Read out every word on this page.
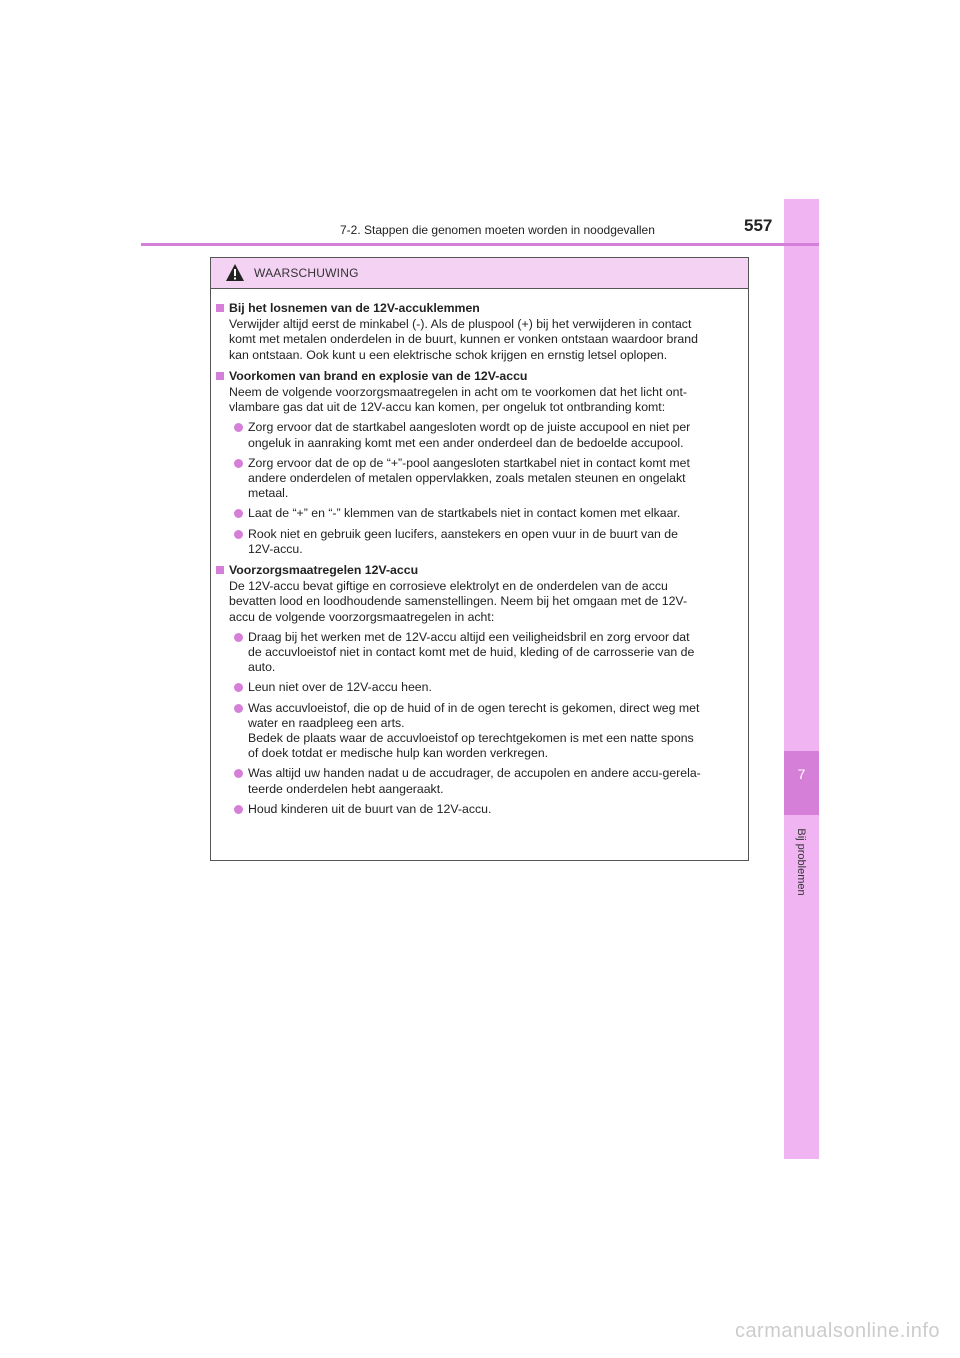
7
Bij problemen
7-2. Stappen die genomen moeten worden in noodgevallen	557
WAARSCHUWING
Bij het losnemen van de 12V-accuklemmen
Verwijder altijd eerst de minkabel (-). Als de pluspool (+) bij het verwijderen in contact
komt met metalen onderdelen in de buurt, kunnen er vonken ontstaan waardoor brand
kan ontstaan. Ook kunt u een elektrische schok krijgen en ernstig letsel oplopen.
Voorkomen van brand en explosie van de 12V-accu
Neem de volgende voorzorgsmaatregelen in acht om te voorkomen dat het licht ont-
vlambare gas dat uit de 12V-accu kan komen, per ongeluk tot ontbranding komt:
Zorg ervoor dat de startkabel aangesloten wordt op de juiste accupool en niet per
ongeluk in aanraking komt met een ander onderdeel dan de bedoelde accupool.
Zorg ervoor dat de op de “+”-pool aangesloten startkabel niet in contact komt met
andere onderdelen of metalen oppervlakken, zoals metalen steunen en ongelakt
metaal.
Laat de “+” en “-” klemmen van de startkabels niet in contact komen met elkaar.
Rook niet en gebruik geen lucifers, aanstekers en open vuur in de buurt van de
12V-accu.
Voorzorgsmaatregelen 12V-accu
De 12V-accu bevat giftige en corrosieve elektrolyt en de onderdelen van de accu
bevatten lood en loodhoudende samenstellingen. Neem bij het omgaan met de 12V-
accu de volgende voorzorgsmaatregelen in acht:
Draag bij het werken met de 12V-accu altijd een veiligheidsbril en zorg ervoor dat
de accuvloeistof niet in contact komt met de huid, kleding of de carrosserie van de
auto.
Leun niet over de 12V-accu heen.
Was accuvloeistof, die op de huid of in de ogen terecht is gekomen, direct weg met
water en raadpleeg een arts.
Bedek de plaats waar de accuvloeistof op terechtgekomen is met een natte spons
of doek totdat er medische hulp kan worden verkregen.
Was altijd uw handen nadat u de accudrager, de accupolen en andere accu-gerela-
teerde onderdelen hebt aangeraakt.
Houd kinderen uit de buurt van de 12V-accu.
carmanualsonline.info
